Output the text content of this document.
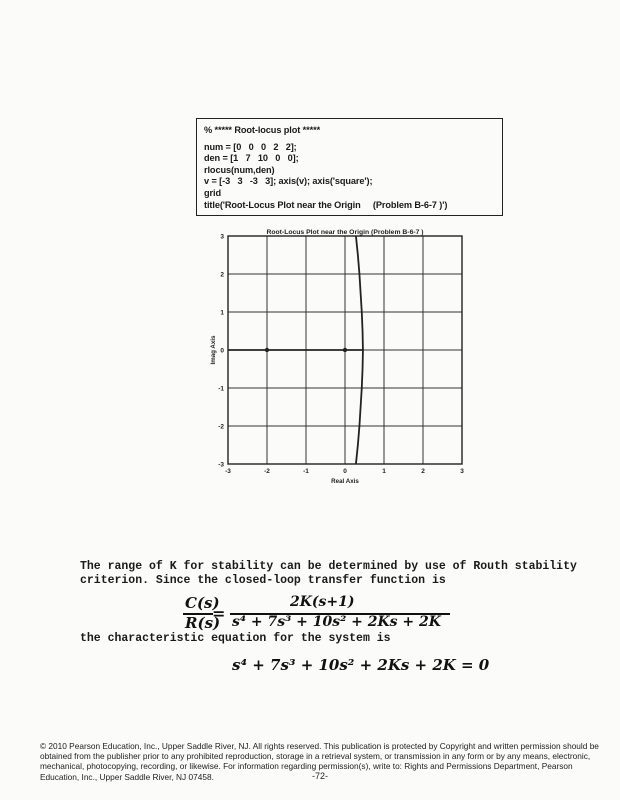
% ***** Root-locus plot *****
num = [0   0   0   2   2];
den = [1   7   10   0   0];
rlocus(num,den)
v = [-3   3   -3   3]; axis(v); axis('square');
grid
title('Root-Locus Plot near the Origin     (Problem B-6-7 )')
Root-Locus Plot near the Origin (Problem B-6-7 )
-3	-2	-1	0	1	2	3
3
2
1
0
-1
-2
-3
Real Axis
Imag Axis
The range of K for stability can be determined by use of Routh stability criterion. Since the closed-loop transfer function is
C(s)
R(s)
=
2K(s+1)
s⁴ + 7s³ + 10s² + 2Ks + 2K
the characteristic equation for the system is
s⁴ + 7s³ + 10s² + 2Ks + 2K = 0
© 2010 Pearson Education, Inc., Upper Saddle River, NJ. All rights reserved. This publication is protected by Copyright and written permission should be obtained from the publisher prior to any prohibited reproduction, storage in a retrieval system, or transmission in any form or by any means, electronic, mechanical, photocopying, recording, or likewise. For information regarding permission(s), write to: Rights and Permissions Department, Pearson Education, Inc., Upper Saddle River, NJ 07458.	-72-
